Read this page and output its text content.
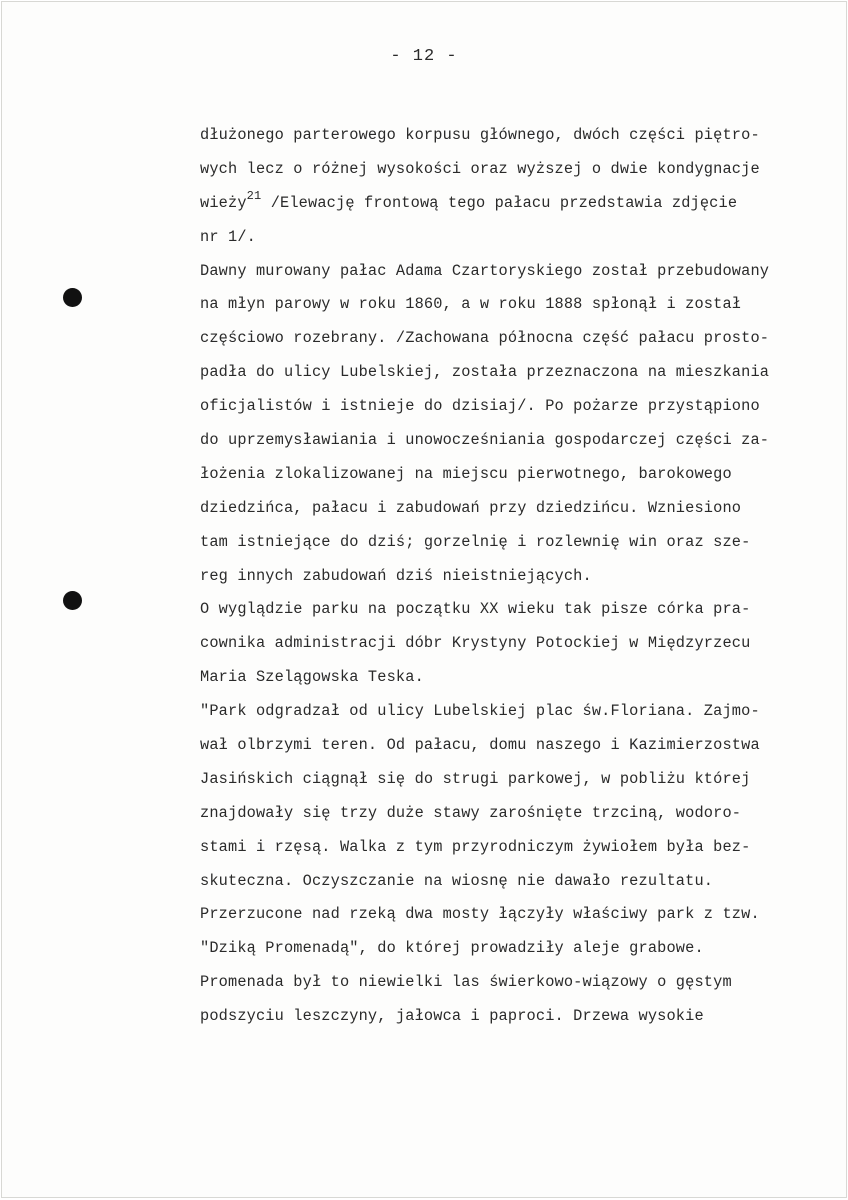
- 12 -
dłużonego parterowego korpusu głównego, dwóch części piętro-
wych lecz o różnej wysokości oraz wyższej o dwie kondygnacje
wieży$^{21}$ /Elewację frontową tego pałacu przedstawia zdjęcie
nr 1/.
Dawny murowany pałac Adama Czartoryskiego został przebudowany
na młyn parowy w roku 1860, a w roku 1888 spłonął i został
częściowo rozebrany. /Zachowana północna część pałacu prosto-
padła do ulicy Lubelskiej, została przeznaczona na mieszkania
oficjalistów i istnieje do dzisiaj/. Po pożarze przystąpiono
do uprzemysławiania i unowocześniania gospodarczej części za-
łożenia zlokalizowanej na miejscu pierwotnego, barokowego
dziedzińca, pałacu i zabudowań przy dziedzińcu. Wzniesiono
tam istniejące do dziś; gorzelnię i rozlewnię win oraz sze-
reg innych zabudowań dziś nieistniejących.
O wyglądzie parku na początku XX wieku tak pisze córka pra-
cownika administracji dóbr Krystyny Potockiej w Międzyrzecu
Maria Szelągowska Teska.
"Park odgradzał od ulicy Lubelskiej plac św.Floriana. Zajmo-
wał olbrzymi teren. Od pałacu, domu naszego i Kazimierzostwa
Jasińskich ciągnął się do strugi parkowej, w pobliżu której
znajdowały się trzy duże stawy zarośnięte trzciną, wodoro-
stami i rzęsą. Walka z tym przyrodniczym żywiołem była bez-
skuteczna. Oczyszczanie na wiosnę nie dawało rezultatu.
Przerzucone nad rzeką dwa mosty łączyły właściwy park z tzw.
"Dziką Promenadą", do której prowadziły aleje grabowe.
Promenada był to niewielki las świerkowo-wiązowy o gęstym
podszyciu leszczyny, jałowca i paproci. Drzewa wysokie
